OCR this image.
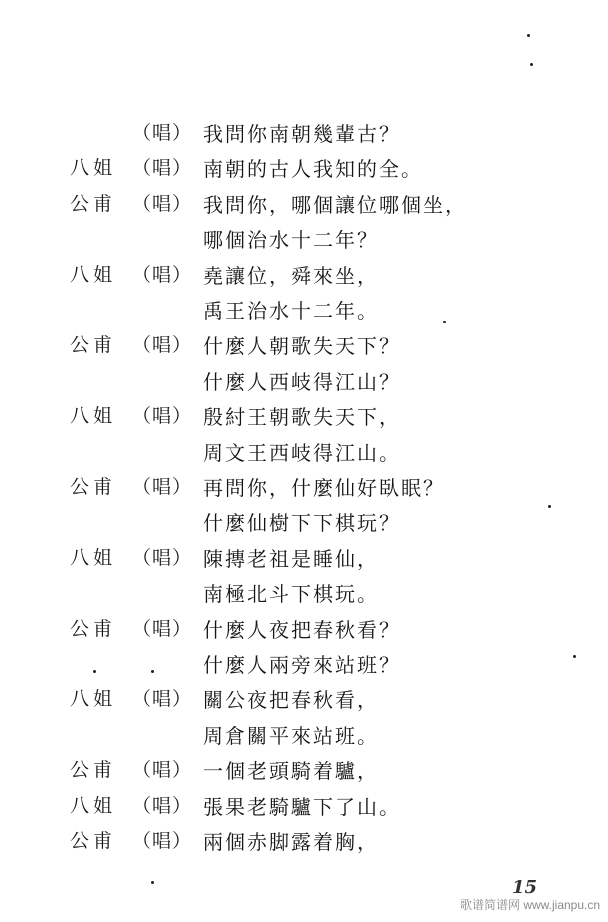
（唱） 我問你南朝幾輩古？
八姐 （唱） 南朝的古人我知的全。
公甫 （唱） 我問你，哪個讓位哪個坐，
哪個治水十二年？
八姐 （唱） 堯讓位，舜來坐，
禹王治水十二年。
公甫 （唱） 什麼人朝歌失天下？
什麼人西岐得江山？
八姐 （唱） 殷紂王朝歌失天下，
周文王西岐得江山。
公甫 （唱） 再問你，什麼仙好臥眠？
什麼仙樹下下棋玩？
八姐 （唱） 陳摶老祖是睡仙，
南極北斗下棋玩。
公甫 （唱） 什麼人夜把春秋看？
什麼人兩旁來站班？
八姐 （唱） 關公夜把春秋看，
周倉關平來站班。
公甫 （唱） 一個老頭騎着驢，
八姐 （唱） 張果老騎驢下了山。
公甫 （唱） 兩個赤脚露着胸，
15
歌谱简谱网 www.jianpu.cn
